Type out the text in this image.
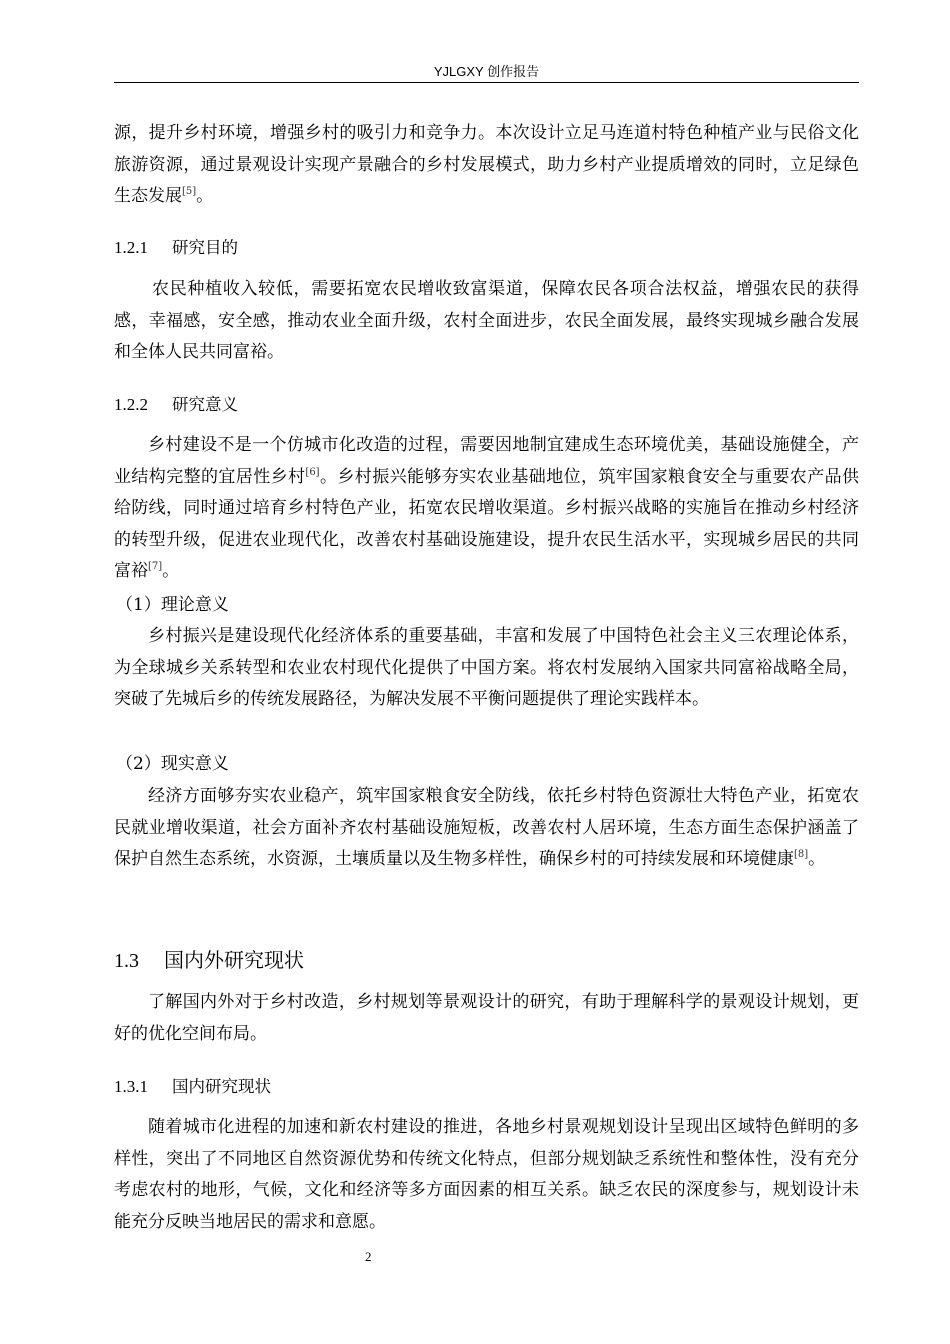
YJLGXY 创作报告

源，提升乡村环境，增强乡村的吸引力和竞争力。本次设计立足马连道村特色种植产业与民俗文化旅游资源，通过景观设计实现产景融合的乡村发展模式，助力乡村产业提质增效的同时，立足绿色生态发展[5]。

1.2.1 研究目的

农民种植收入较低，需要拓宽农民增收致富渠道，保障农民各项合法权益，增强农民的获得感，幸福感，安全感，推动农业全面升级，农村全面进步，农民全面发展，最终实现城乡融合发展和全体人民共同富裕。

1.2.2 研究意义

乡村建设不是一个仿城市化改造的过程，需要因地制宜建成生态环境优美，基础设施健全，产业结构完整的宜居性乡村[6]。乡村振兴能够夯实农业基础地位，筑牢国家粮食安全与重要农产品供给防线，同时通过培育乡村特色产业，拓宽农民增收渠道。乡村振兴战略的实施旨在推动乡村经济的转型升级，促进农业现代化，改善农村基础设施建设，提升农民生活水平，实现城乡居民的共同富裕[7]。

（1）理论意义

乡村振兴是建设现代化经济体系的重要基础，丰富和发展了中国特色社会主义三农理论体系，为全球城乡关系转型和农业农村现代化提供了中国方案。将农村发展纳入国家共同富裕战略全局，突破了先城后乡的传统发展路径，为解决发展不平衡问题提供了理论实践样本。

（2）现实意义

经济方面够夯实农业稳产，筑牢国家粮食安全防线，依托乡村特色资源壮大特色产业，拓宽农民就业增收渠道，社会方面补齐农村基础设施短板，改善农村人居环境，生态方面生态保护涵盖了保护自然生态系统，水资源，土壤质量以及生物多样性，确保乡村的可持续发展和环境健康[8]。

1.3 国内外研究现状

了解国内外对于乡村改造，乡村规划等景观设计的研究，有助于理解科学的景观设计规划，更好的优化空间布局。

1.3.1 国内研究现状

随着城市化进程的加速和新农村建设的推进，各地乡村景观规划设计呈现出区域特色鲜明的多样性，突出了不同地区自然资源优势和传统文化特点，但部分规划缺乏系统性和整体性，没有充分考虑农村的地形，气候，文化和经济等多方面因素的相互关系。缺乏农民的深度参与，规划设计未能充分反映当地居民的需求和意愿。

2
